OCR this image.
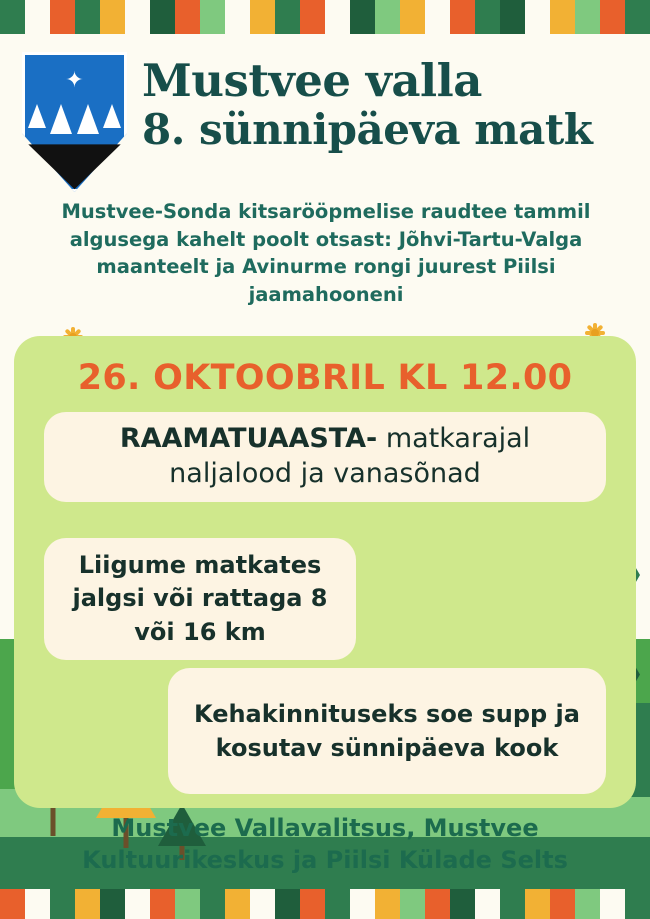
✦ Mustvee valla
8. sünnipäeva matk
Mustvee-Sonda kitsarööpmelise raudtee tammil algusega kahelt poolt otsast: Jõhvi-Tartu-Valga maanteelt ja Avinurme rongi juurest Piilsi jaamahooneni
26. OKTOOBRIL KL 12.00
RAAMATUAASTA- matkarajal naljalood ja vanasõnad
Liigume matkates jalgsi või rattaga 8 või 16 km
Kehakinnituseks soe supp ja kosutav sünnipäeva kook
Mustvee Vallavalitsus, Mustvee Kultuurikeskus ja Piilsi Külade Selts
